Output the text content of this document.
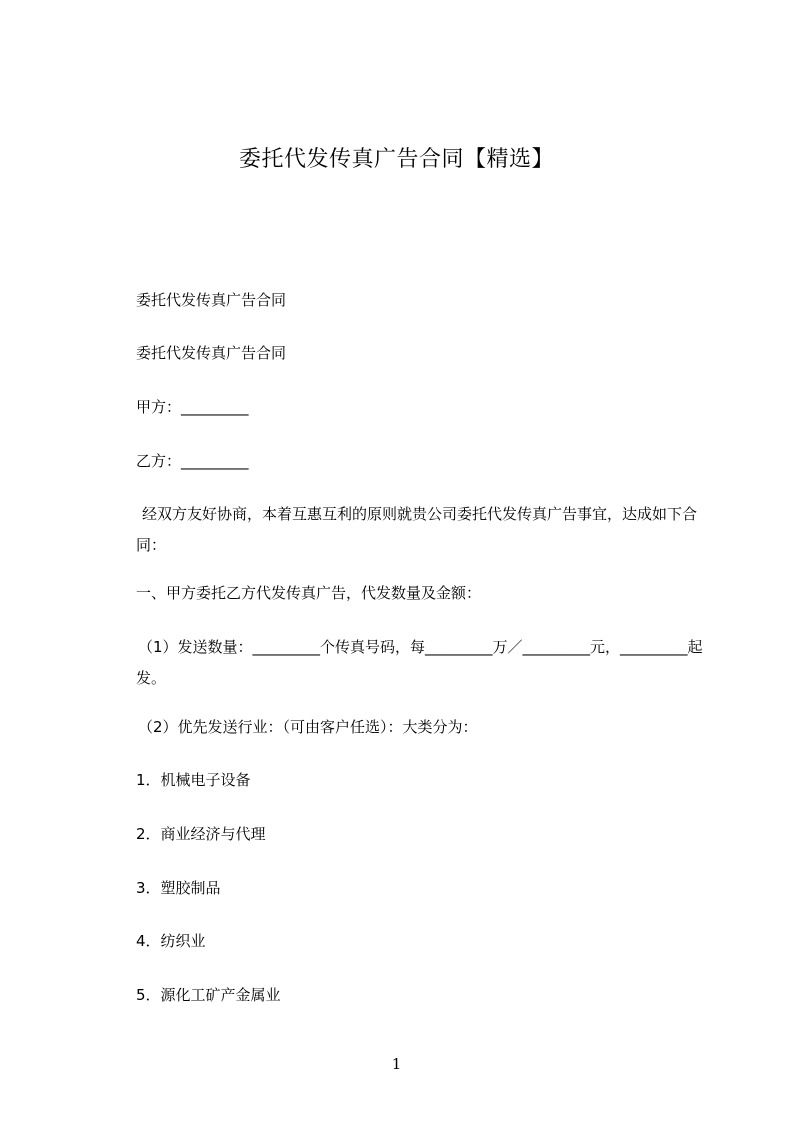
委托代发传真广告合同【精选】
委托代发传真广告合同
委托代发传真广告合同
甲方：_________
乙方：_________
经双方友好协商，本着互惠互利的原则就贵公司委托代发传真广告事宜，达成如下合同：
一、甲方委托乙方代发传真广告，代发数量及金额：
（1）发送数量：_________个传真号码，每_________万／_________元，_________起发。
（2）优先发送行业：（可由客户任选）：大类分为：
1．机械电子设备
2．商业经济与代理
3．塑胶制品
4．纺织业
5．源化工矿产金属业
1
